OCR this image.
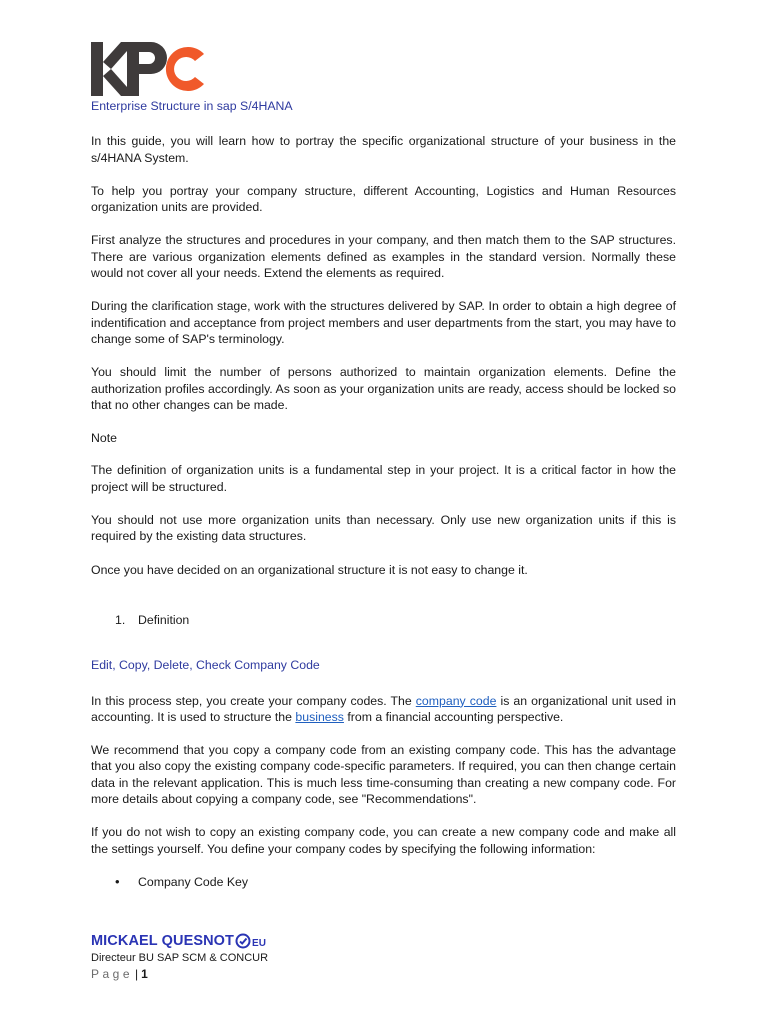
Enterprise Structure in sap S/4HANA

In this guide, you will learn how to portray the specific organizational structure of your business in the s/4HANA System.

To help you portray your company structure, different Accounting, Logistics and Human Resources organization units are provided.

First analyze the structures and procedures in your company, and then match them to the SAP structures. There are various organization elements defined as examples in the standard version. Normally these would not cover all your needs. Extend the elements as required.

During the clarification stage, work with the structures delivered by SAP. In order to obtain a high degree of indentification and acceptance from project members and user departments from the start, you may have to change some of SAP's terminology.

You should limit the number of persons authorized to maintain organization elements. Define the authorization profiles accordingly. As soon as your organization units are ready, access should be locked so that no other changes can be made.

Note

The definition of organization units is a fundamental step in your project. It is a critical factor in how the project will be structured.

You should not use more organization units than necessary. Only use new organization units if this is required by the existing data structures.

Once you have decided on an organizational structure it is not easy to change it.

1. Definition

Edit, Copy, Delete, Check Company Code

In this process step, you create your company codes. The company code is an organizational unit used in accounting. It is used to structure the business from a financial accounting perspective.

We recommend that you copy a company code from an existing company code. This has the advantage that you also copy the existing company code-specific parameters. If required, you can then change certain data in the relevant application. This is much less time-consuming than creating a new company code. For more details about copying a company code, see "Recommendations".

If you do not wish to copy an existing company code, you can create a new company code and make all the settings yourself. You define your company codes by specifying the following information:

• Company Code Key

MICKAEL QUESNOT EU
Directeur BU SAP SCM & CONCUR
Page | 1
